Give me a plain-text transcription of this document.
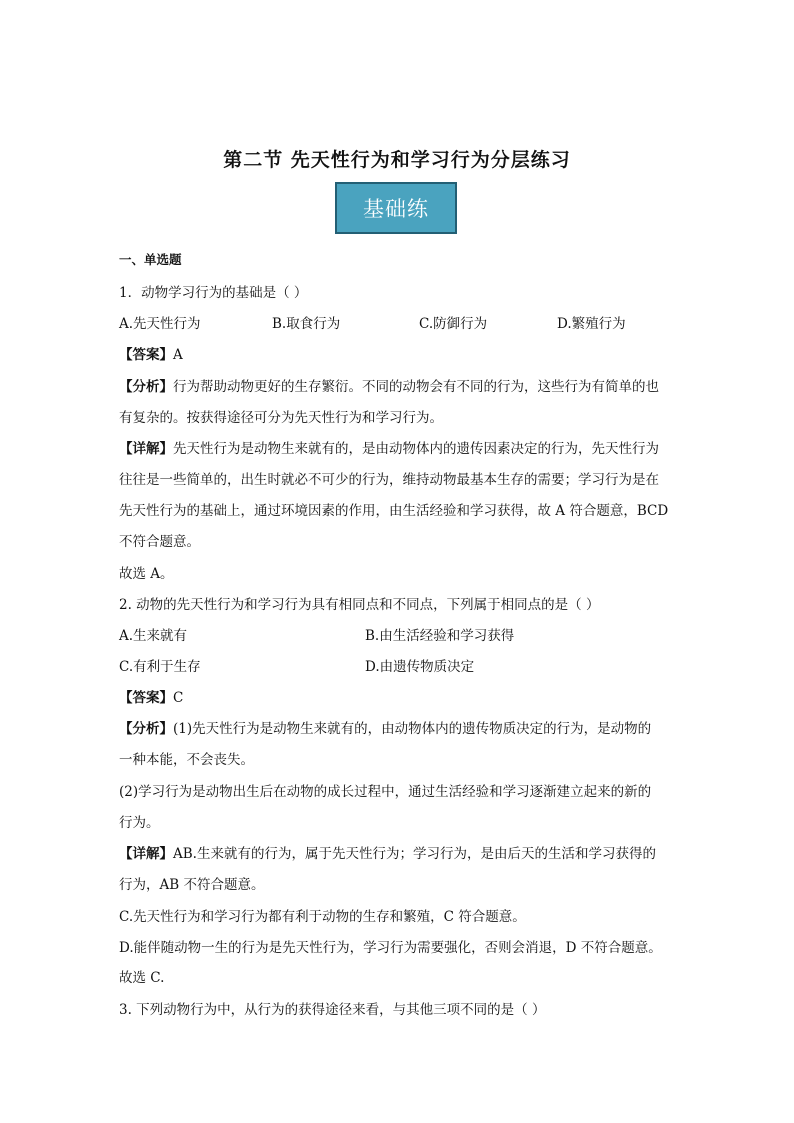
第二节 先天性行为和学习行为分层练习
基础练
一、单选题
1．动物学习行为的基础是（ ）
A.先天性行为	B.取食行为	C.防御行为	D.繁殖行为
【答案】A
【分析】行为帮助动物更好的生存繁衍。不同的动物会有不同的行为，这些行为有简单的也
有复杂的。按获得途径可分为先天性行为和学习行为。
【详解】先天性行为是动物生来就有的，是由动物体内的遗传因素决定的行为，先天性行为
往往是一些简单的，出生时就必不可少的行为，维持动物最基本生存的需要；学习行为是在
先天性行为的基础上，通过环境因素的作用，由生活经验和学习获得，故 A 符合题意，BCD
不符合题意。
故选 A。
2. 动物的先天性行为和学习行为具有相同点和不同点，下列属于相同点的是（ ）
A.生来就有	B.由生活经验和学习获得
C.有利于生存	D.由遗传物质决定
【答案】C
【分析】(1)先天性行为是动物生来就有的，由动物体内的遗传物质决定的行为，是动物的
一种本能，不会丧失。
(2)学习行为是动物出生后在动物的成长过程中，通过生活经验和学习逐渐建立起来的新的
行为。
【详解】AB.生来就有的行为，属于先天性行为；学习行为，是由后天的生活和学习获得的
行为，AB 不符合题意。
C.先天性行为和学习行为都有利于动物的生存和繁殖，C 符合题意。
D.能伴随动物一生的行为是先天性行为，学习行为需要强化，否则会消退，D 不符合题意。
故选 C.
3. 下列动物行为中，从行为的获得途径来看，与其他三项不同的是（ ）
